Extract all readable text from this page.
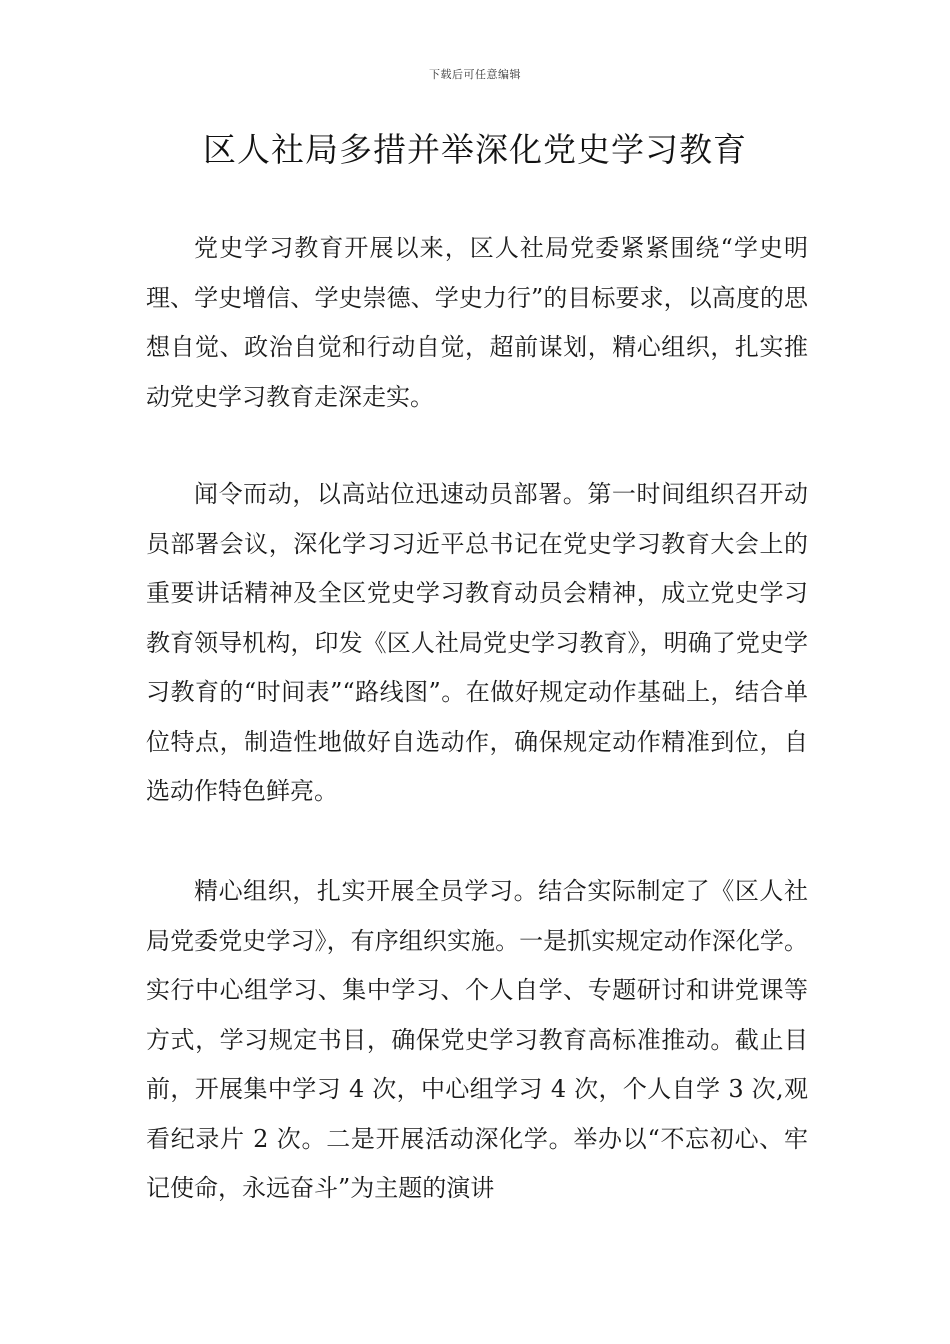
下载后可任意编辑
区人社局多措并举深化党史学习教育

党史学习教育开展以来，区人社局党委紧紧围绕“学史明理、学史增信、学史崇德、学史力行”的目标要求，以高度的思想自觉、政治自觉和行动自觉，超前谋划，精心组织，扎实推动党史学习教育走深走实。

闻令而动，以高站位迅速动员部署。第一时间组织召开动员部署会议，深化学习习近平总书记在党史学习教育大会上的重要讲话精神及全区党史学习教育动员会精神，成立党史学习教育领导机构，印发《区人社局党史学习教育》，明确了党史学习教育的“时间表”“路线图”。在做好规定动作基础上，结合单位特点，制造性地做好自选动作，确保规定动作精准到位，自选动作特色鲜亮。

精心组织，扎实开展全员学习。结合实际制定了《区人社局党委党史学习》，有序组织实施。一是抓实规定动作深化学。实行中心组学习、集中学习、个人自学、专题研讨和讲党课等方式，学习规定书目，确保党史学习教育高标准推动。截止目前，开展集中学习 4 次，中心组学习 4 次，个人自学 3 次,观看纪录片 2 次。二是开展活动深化学。举办以“不忘初心、牢记使命，永远奋斗”为主题的演讲
